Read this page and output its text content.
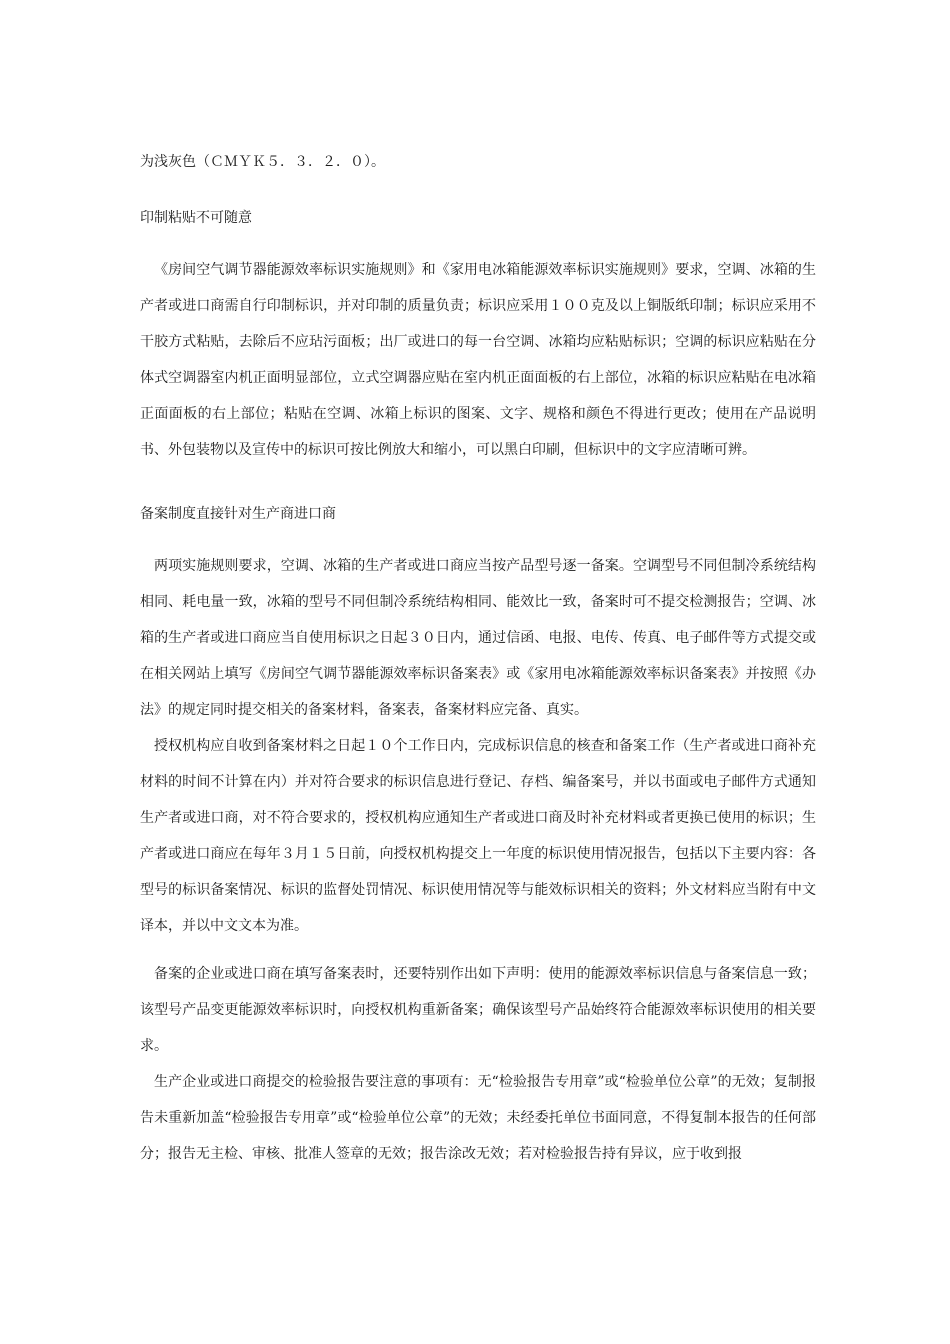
为浅灰色（ＣＭＹＫ５．３．２．０）。

印制粘贴不可随意

《房间空气调节器能源效率标识实施规则》和《家用电冰箱能源效率标识实施规则》要求，空调、冰箱的生产者或进口商需自行印制标识，并对印制的质量负责；标识应采用１００克及以上铜版纸印制；标识应采用不干胶方式粘贴，去除后不应玷污面板；出厂或进口的每一台空调、冰箱均应粘贴标识；空调的标识应粘贴在分体式空调器室内机正面明显部位，立式空调器应贴在室内机正面面板的右上部位，冰箱的标识应粘贴在电冰箱正面面板的右上部位；粘贴在空调、冰箱上标识的图案、文字、规格和颜色不得进行更改；使用在产品说明书、外包装物以及宣传中的标识可按比例放大和缩小，可以黑白印刷，但标识中的文字应清晰可辨。

备案制度直接针对生产商进口商

两项实施规则要求，空调、冰箱的生产者或进口商应当按产品型号逐一备案。空调型号不同但制冷系统结构相同、耗电量一致，冰箱的型号不同但制冷系统结构相同、能效比一致，备案时可不提交检测报告；空调、冰箱的生产者或进口商应当自使用标识之日起３０日内，通过信函、电报、电传、传真、电子邮件等方式提交或在相关网站上填写《房间空气调节器能源效率标识备案表》或《家用电冰箱能源效率标识备案表》并按照《办法》的规定同时提交相关的备案材料，备案表，备案材料应完备、真实。

授权机构应自收到备案材料之日起１０个工作日内，完成标识信息的核查和备案工作（生产者或进口商补充材料的时间不计算在内）并对符合要求的标识信息进行登记、存档、编备案号，并以书面或电子邮件方式通知生产者或进口商，对不符合要求的，授权机构应通知生产者或进口商及时补充材料或者更换已使用的标识；生产者或进口商应在每年３月１５日前，向授权机构提交上一年度的标识使用情况报告，包括以下主要内容：各型号的标识备案情况、标识的监督处罚情况、标识使用情况等与能效标识相关的资料；外文材料应当附有中文译本，并以中文文本为准。

备案的企业或进口商在填写备案表时，还要特别作出如下声明：使用的能源效率标识信息与备案信息一致；该型号产品变更能源效率标识时，向授权机构重新备案；确保该型号产品始终符合能源效率标识使用的相关要求。

生产企业或进口商提交的检验报告要注意的事项有：无“检验报告专用章”或“检验单位公章”的无效；复制报告未重新加盖“检验报告专用章”或“检验单位公章”的无效；未经委托单位书面同意，不得复制本报告的任何部分；报告无主检、审核、批准人签章的无效；报告涂改无效；若对检验报告持有异议，应于收到报
